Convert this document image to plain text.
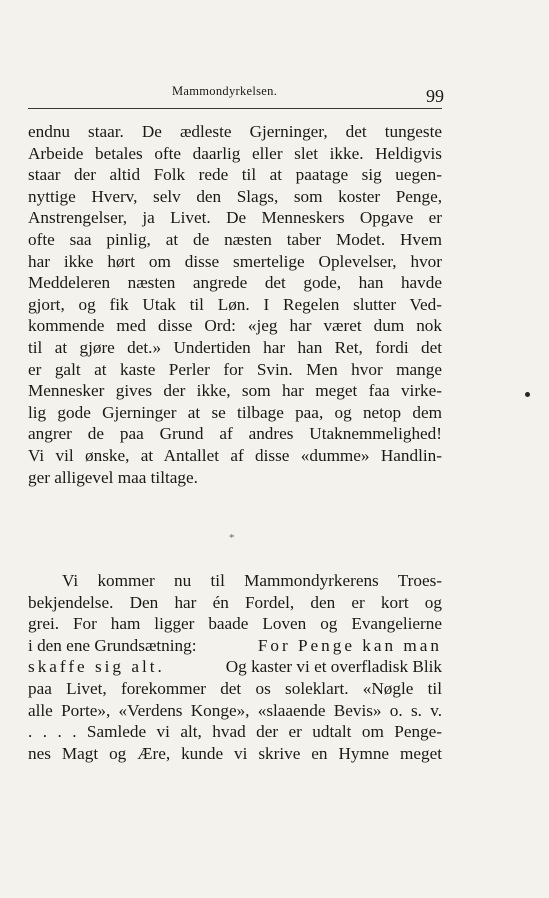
Mammondyrkelsen.	99
endnu staar. De ædleste Gjerninger, det tungeste
Arbeide betales ofte daarlig eller slet ikke. Heldigvis
staar der altid Folk rede til at paatage sig uegen-
nyttige Hverv, selv den Slags, som koster Penge,
Anstrengelser, ja Livet. De Menneskers Opgave er
ofte saa pinlig, at de næsten taber Modet. Hvem
har ikke hørt om disse smertelige Oplevelser, hvor
Meddeleren næsten angrede det gode, han havde
gjort, og fik Utak til Løn. I Regelen slutter Ved-
kommende med disse Ord: «jeg har været dum nok
til at gjøre det.» Undertiden har han Ret, fordi det
er galt at kaste Perler for Svin. Men hvor mange
Mennesker gives der ikke, som har meget faa virke-
lig gode Gjerninger at se tilbage paa, og netop dem
angrer de paa Grund af andres Utaknemmelighed!
Vi vil ønske, at Antallet af disse «dumme» Handlin-
ger alligevel maa tiltage.
*
Vi kommer nu til Mammondyrkerens Troes-
bekjendelse. Den har én Fordel, den er kort og
grei. For ham ligger baade Loven og Evangelierne
i den ene Grundsætning:	For Penge kan man
skaffe sig alt.	Og kaster vi et overfladisk Blik
paa Livet, forekommer det os soleklart. «Nøgle til
alle Porte», «Verdens Konge», «slaaende Bevis» o. s. v.
. . . . Samlede vi alt, hvad der er udtalt om Penge-
nes Magt og Ære, kunde vi skrive en Hymne meget
